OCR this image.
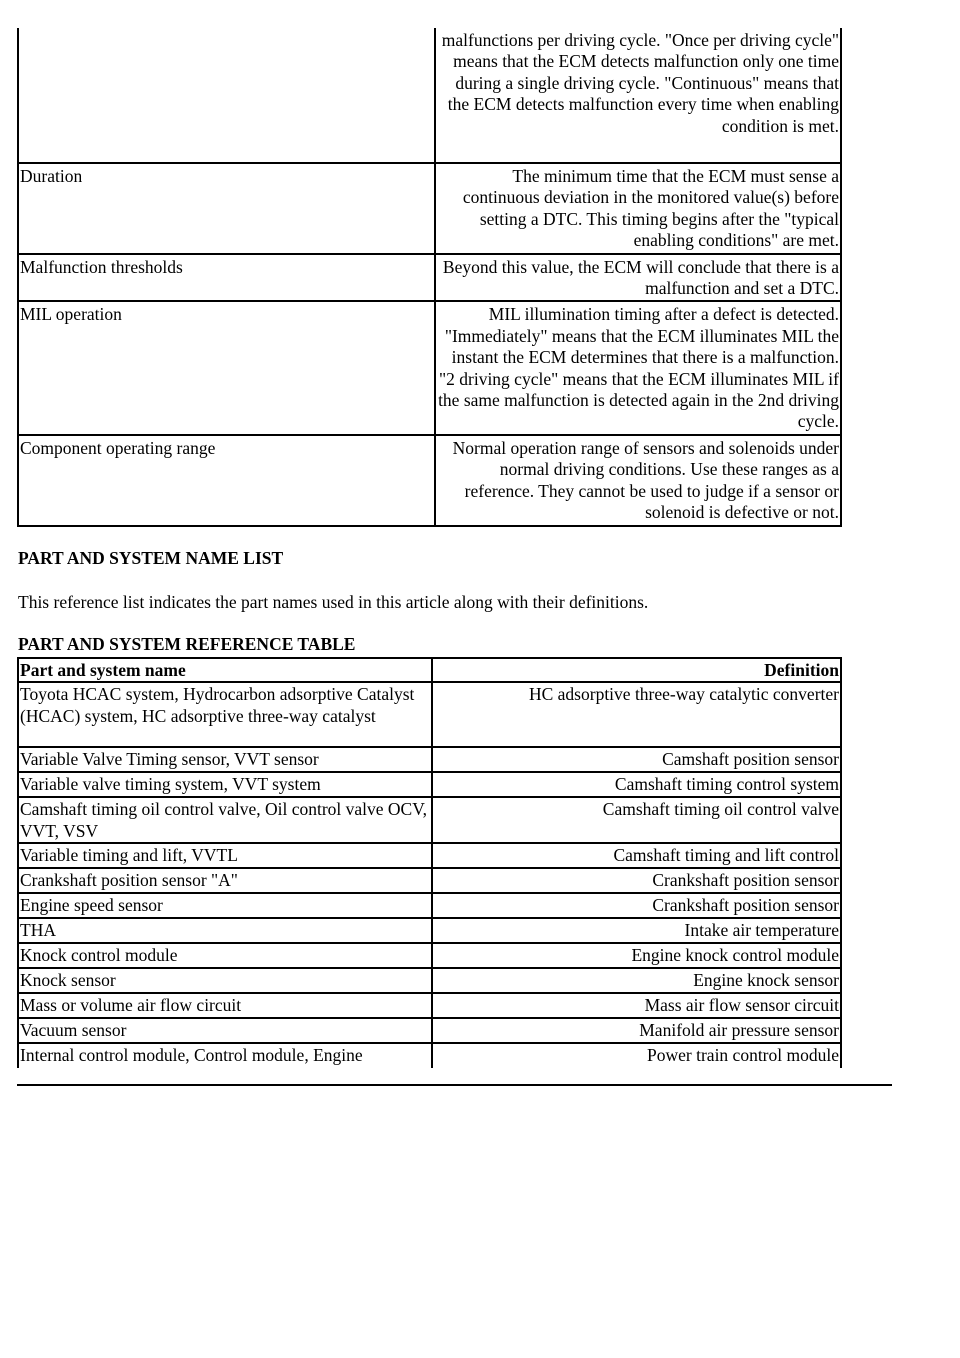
	malfunctions per driving cycle. "Once per driving cycle" means that the ECM detects malfunction only one time during a single driving cycle. "Continuous" means that the ECM detects malfunction every time when enabling condition is met.
Duration	The minimum time that the ECM must sense a continuous deviation in the monitored value(s) before setting a DTC. This timing begins after the "typical enabling conditions" are met.
Malfunction thresholds	Beyond this value, the ECM will conclude that there is a malfunction and set a DTC.
MIL operation	MIL illumination timing after a defect is detected. "Immediately" means that the ECM illuminates MIL the instant the ECM determines that there is a malfunction. "2 driving cycle" means that the ECM illuminates MIL if the same malfunction is detected again in the 2nd driving cycle.
Component operating range	Normal operation range of sensors and solenoids under normal driving conditions. Use these ranges as a reference. They cannot be used to judge if a sensor or solenoid is defective or not.

PART AND SYSTEM NAME LIST

This reference list indicates the part names used in this article along with their definitions.

PART AND SYSTEM REFERENCE TABLE

Part and system name	Definition
Toyota HCAC system, Hydrocarbon adsorptive Catalyst (HCAC) system, HC adsorptive three-way catalyst	HC adsorptive three-way catalytic converter
Variable Valve Timing sensor, VVT sensor	Camshaft position sensor
Variable valve timing system, VVT system	Camshaft timing control system
Camshaft timing oil control valve, Oil control valve OCV, VVT, VSV	Camshaft timing oil control valve
Variable timing and lift, VVTL	Camshaft timing and lift control
Crankshaft position sensor "A"	Crankshaft position sensor
Engine speed sensor	Crankshaft position sensor
THA	Intake air temperature
Knock control module	Engine knock control module
Knock sensor	Engine knock sensor
Mass or volume air flow circuit	Mass air flow sensor circuit
Vacuum sensor	Manifold air pressure sensor
Internal control module, Control module, Engine	Power train control module
